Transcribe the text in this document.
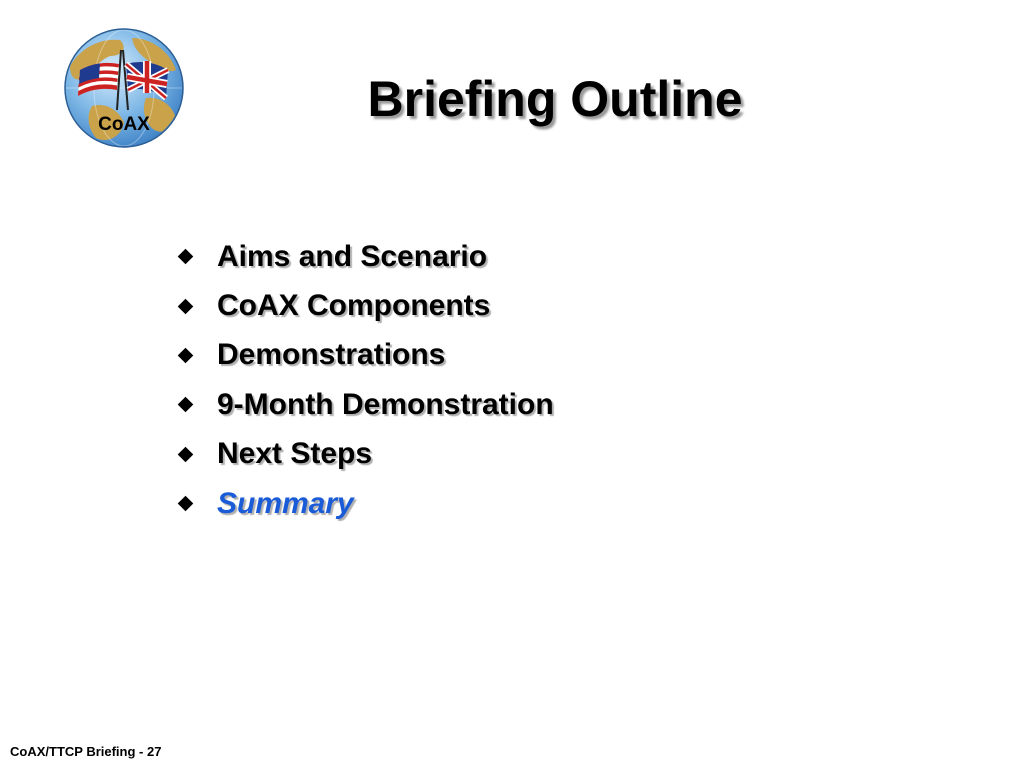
CoAX	Briefing Outline
Aims and Scenario
CoAX Components
Demonstrations
9-Month Demonstration
Next Steps
Summary
CoAX/TTCP Briefing - 27
